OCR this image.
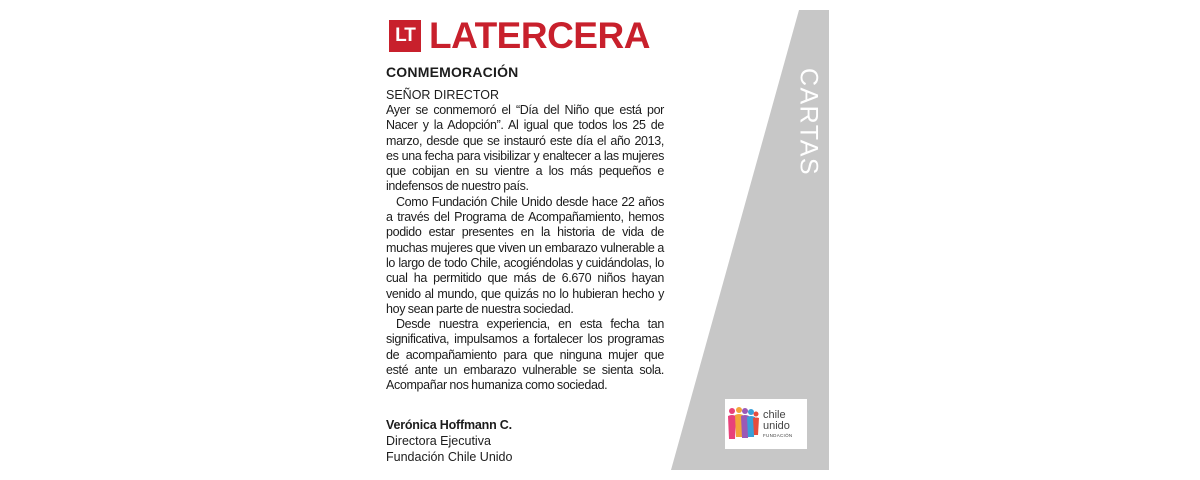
LT LATERCERA
CONMEMORACIÓN
SEÑOR DIRECTOR

Ayer se conmemoró el “Día del Niño que está por Nacer y la Adopción”. Al igual que todos los 25 de marzo, desde que se instauró este día el año 2013, es una fecha para visibilizar y enaltecer a las mujeres que cobijan en su vientre a los más pequeños e indefensos de nuestro país.

Como Fundación Chile Unido desde hace 22 años a través del Programa de Acompañamiento, hemos podido estar presentes en la historia de vida de muchas mujeres que viven un embarazo vulnerable a lo largo de todo Chile, acogiéndolas y cuidándolas, lo cual ha permitido que más de 6.670 niños hayan venido al mundo, que quizás no lo hubieran hecho y hoy sean parte de nuestra sociedad.

Desde nuestra experiencia, en esta fecha tan significativa, impulsamos a fortalecer los programas de acompañamiento para que ninguna mujer que esté ante un embarazo vulnerable se sienta sola. Acompañar nos humaniza como sociedad.

Verónica Hoffmann C.
Directora Ejecutiva
Fundación Chile Unido
CARTAS
chile
unido
FUNDACIÓN
